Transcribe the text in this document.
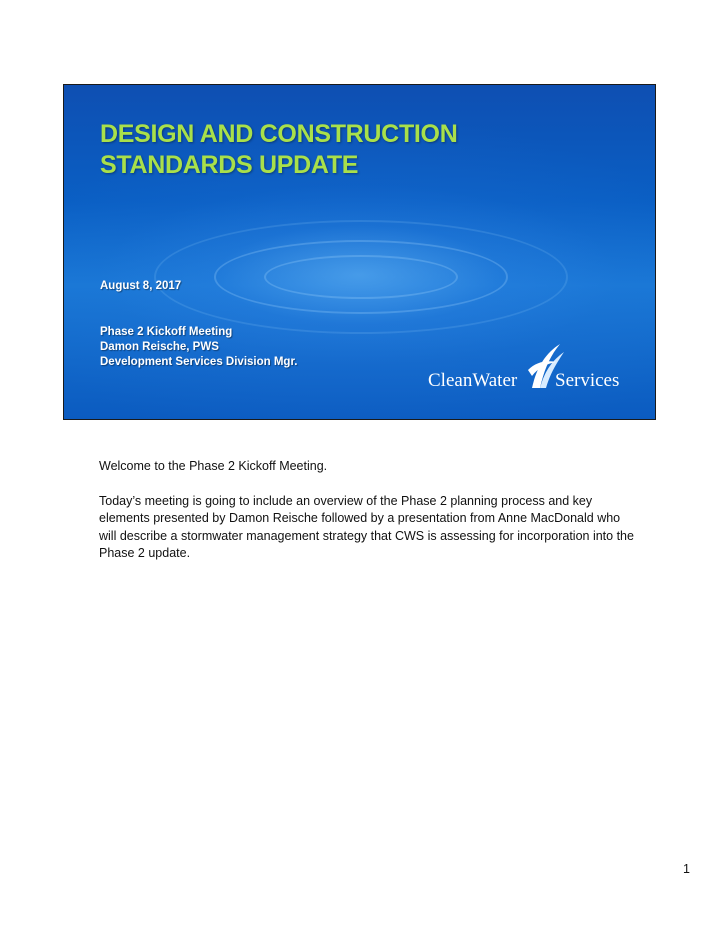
DESIGN AND CONSTRUCTION
STANDARDS UPDATE
August 8, 2017
Phase 2 Kickoff Meeting
Damon Reische, PWS
Development Services Division Mgr.
CleanWater Services

Welcome to the Phase 2 Kickoff Meeting.

Today’s meeting is going to include an overview of the Phase 2 planning process and key elements presented by Damon Reische followed by a presentation from Anne MacDonald who will describe a stormwater management strategy that CWS is assessing for incorporation into the Phase 2 update.

1
